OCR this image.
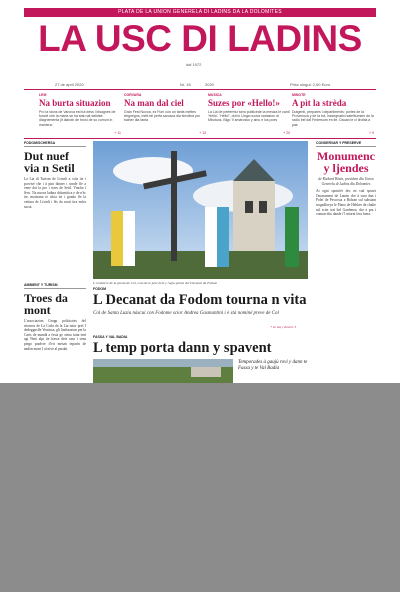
PLATA DE LA UNION GENERELA DI LADINS DA LA DOLOMITES
LA USC DI LADINS
dal 1972
27 de april 2020	Nr. 16	2020	Prisc singul: 2,00 Euro
LEM
Na burta situazion
Pro la stons de Vanova est tut dess i bisagnes de funzié che la maria se ha stat nat dalidsé: dlagnementa jit dlandn de brusi de so comun in maniera:
+ 11
CORVARA
Na man dal ciel
Gran Fest Nuvoa, ez Fum con un tanfa mettes tregnegns, mett fal perfà sarosca dla sbrolina pro bainer dla tanta
+ 13
MUSICA
Suzes por «Hello!»
La Lia de perfermiz sera publicede la mesiza le canti 'Hello'- 'Hello!', dut in Unga nuova variazion di Mbutuos. Bigo 'Il smarosso y ainu e los poes
+ 20
MINOTE
A pìt la strèda
Dutgenti, prepares i departiments: portes de la Provenuza y de la trà, inssegnatioi satelitumeni de la radio bel dal Federsum en ite. Dauan le ci tirobla a pas
+ 9
FODOM/SCHERSA
Dut nuef via n Setil
La Lia di Turism de Livinli a cola ite i porvisé che i à pini dinner i sonde ffe a vene dai la pro i rizes de Setil. Vincha i lèvo. Na nuova ladina dolomitica e de n'èc ite, mostrana te ulcia ite i gonda ffe la vettura de Livinli i lès da nosti tira enfra sacra.
AMBIENT Y TURISM
Troes da mont
L'associazion Grupp politicaies del ritornos de La Coda da la Lia tutor pref I dedeggnsfle Vernissa, gli lindssazion per la Carts de mandà a festa ge stena tutta tenì agi Neni alpi ite frasse dete caso i sena piego pradvre d'vit mesan tepurìn de nadòn mont I al nivè al pardat.
CONSERVAR Y PRESERVE
Monumenc y ljendes
de Richard Rösin, president dla Union Generela di Ladins dla Dolomites
At ogni spontiér des en vad spuset l'monument de Laurin che à sura dan i Polei de Pescosta a Bolzan sul substant trogadlavya le Piano de Hebkes da chalte sul scier trat bel Gardenea, che a pra i comun diis dande i'l retorni fera fuera.
L cemitiere de la glesia de Col, com de le pete bele y regla glesia del Decanat da Fodom
FODOM
L Decanat da Fodom tourna n vita
Col de Santa Luzia nàscui con Fodome scior Andrea Gasmantini i é stá nominé preve de Col
+ Ie stá y dovres 3
FASSA Y VAL BADIA
L temp porta dann y spavent
Temporades à gaujù rovi y dann te Fassa y te Val Badia
